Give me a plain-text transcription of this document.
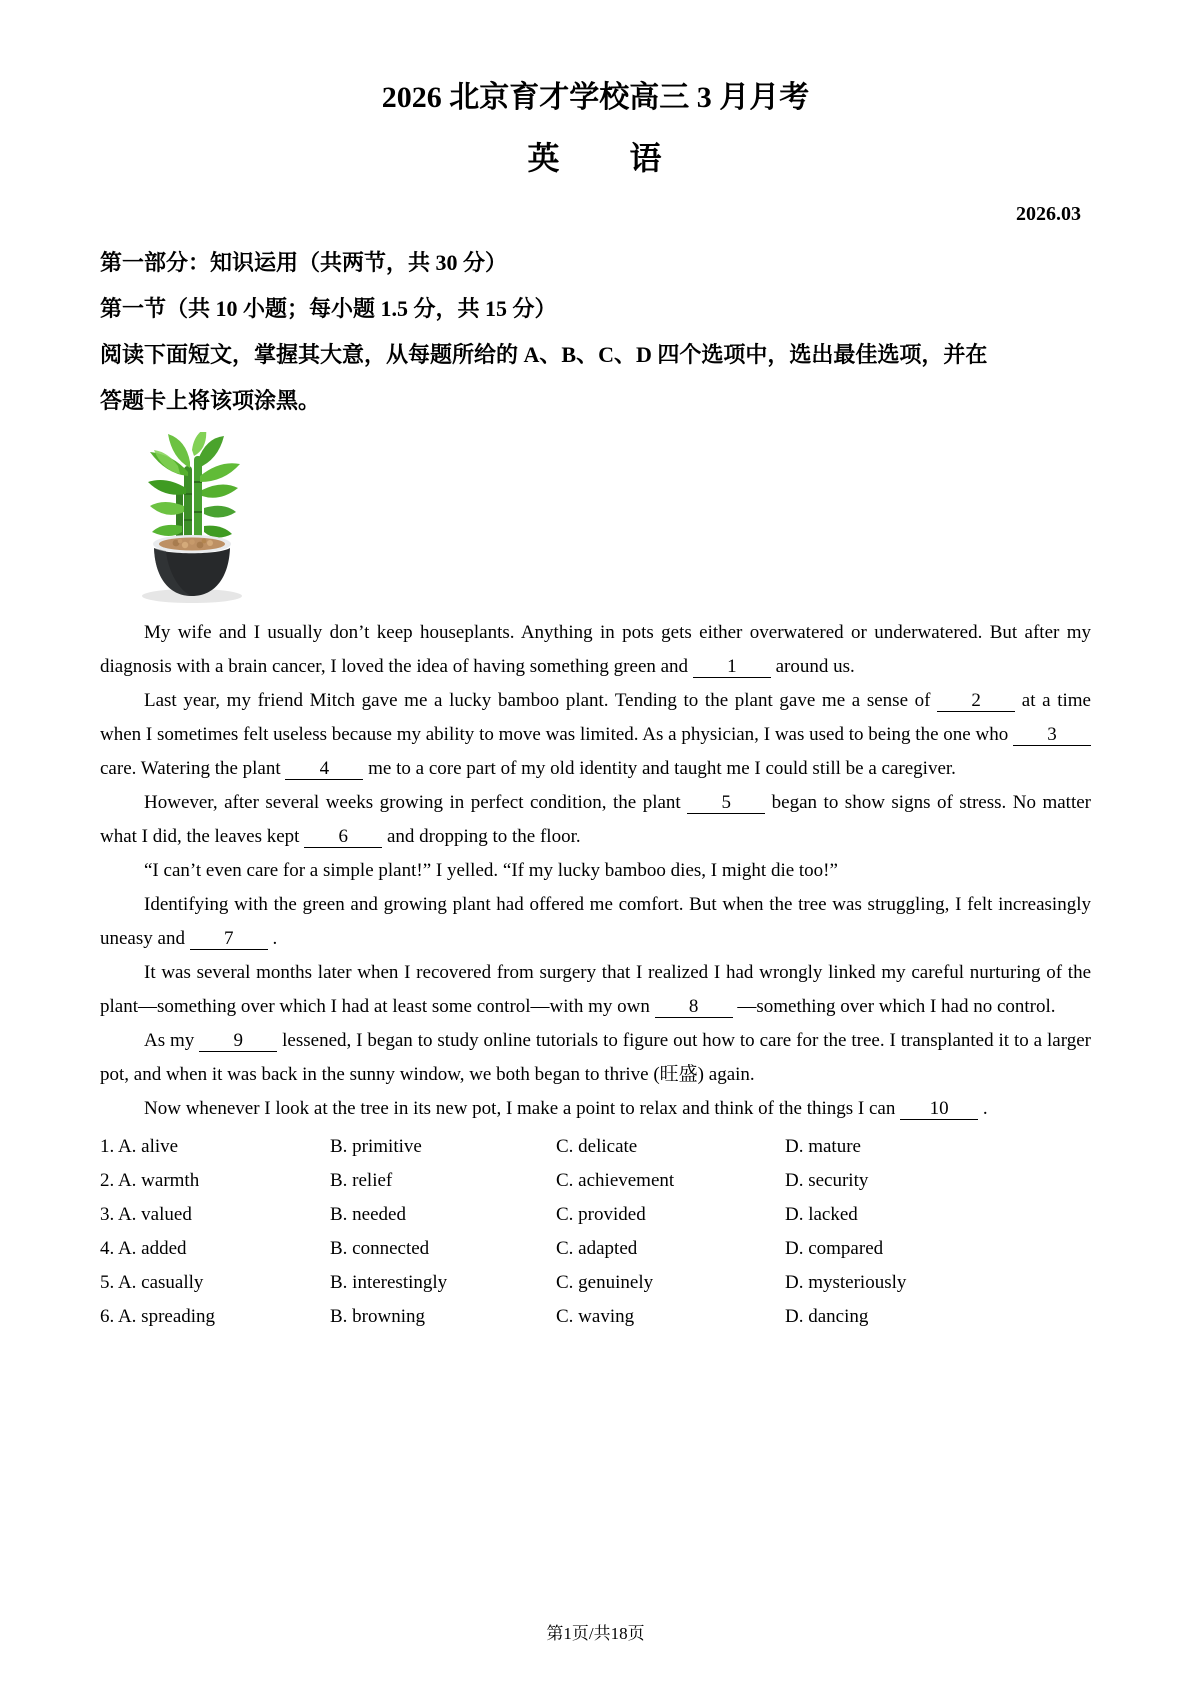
2026 北京育才学校高三 3 月月考
英　　语
2026.03

第一部分：知识运用（共两节，共 30 分）

第一节（共 10 小题；每小题 1.5 分，共 15 分）

阅读下面短文，掌握其大意，从每题所给的 A、B、C、D 四个选项中，选出最佳选项，并在

答题卡上将该项涂黑。

My wife and I usually don’t keep houseplants. Anything in pots gets either overwatered or underwatered. But after my diagnosis with a brain cancer, I loved the idea of having something green and 1 around us.

Last year, my friend Mitch gave me a lucky bamboo plant. Tending to the plant gave me a sense of 2 at a time when I sometimes felt useless because my ability to move was limited. As a physician, I was used to being the one who 3 care. Watering the plant 4 me to a core part of my old identity and taught me I could still be a caregiver.

However, after several weeks growing in perfect condition, the plant 5 began to show signs of stress. No matter what I did, the leaves kept 6 and dropping to the floor.

“I can’t even care for a simple plant!” I yelled. “If my lucky bamboo dies, I might die too!”

Identifying with the green and growing plant had offered me comfort. But when the tree was struggling, I felt increasingly uneasy and 7 .

It was several months later when I recovered from surgery that I realized I had wrongly linked my careful nurturing of the plant—something over which I had at least some control—with my own 8 —something over which I had no control.

As my 9 lessened, I began to study online tutorials to figure out how to care for the tree. I transplanted it to a larger pot, and when it was back in the sunny window, we both began to thrive (旺盛) again.

Now whenever I look at the tree in its new pot, I make a point to relax and think of the things I can 10 .

1. A. alive	B. primitive	C. delicate	D. mature
2. A. warmth	B. relief	C. achievement	D. security
3. A. valued	B. needed	C. provided	D. lacked
4. A. added	B. connected	C. adapted	D. compared
5. A. casually	B. interestingly	C. genuinely	D. mysteriously
6. A. spreading	B. browning	C. waving	D. dancing
第1页/共18页
